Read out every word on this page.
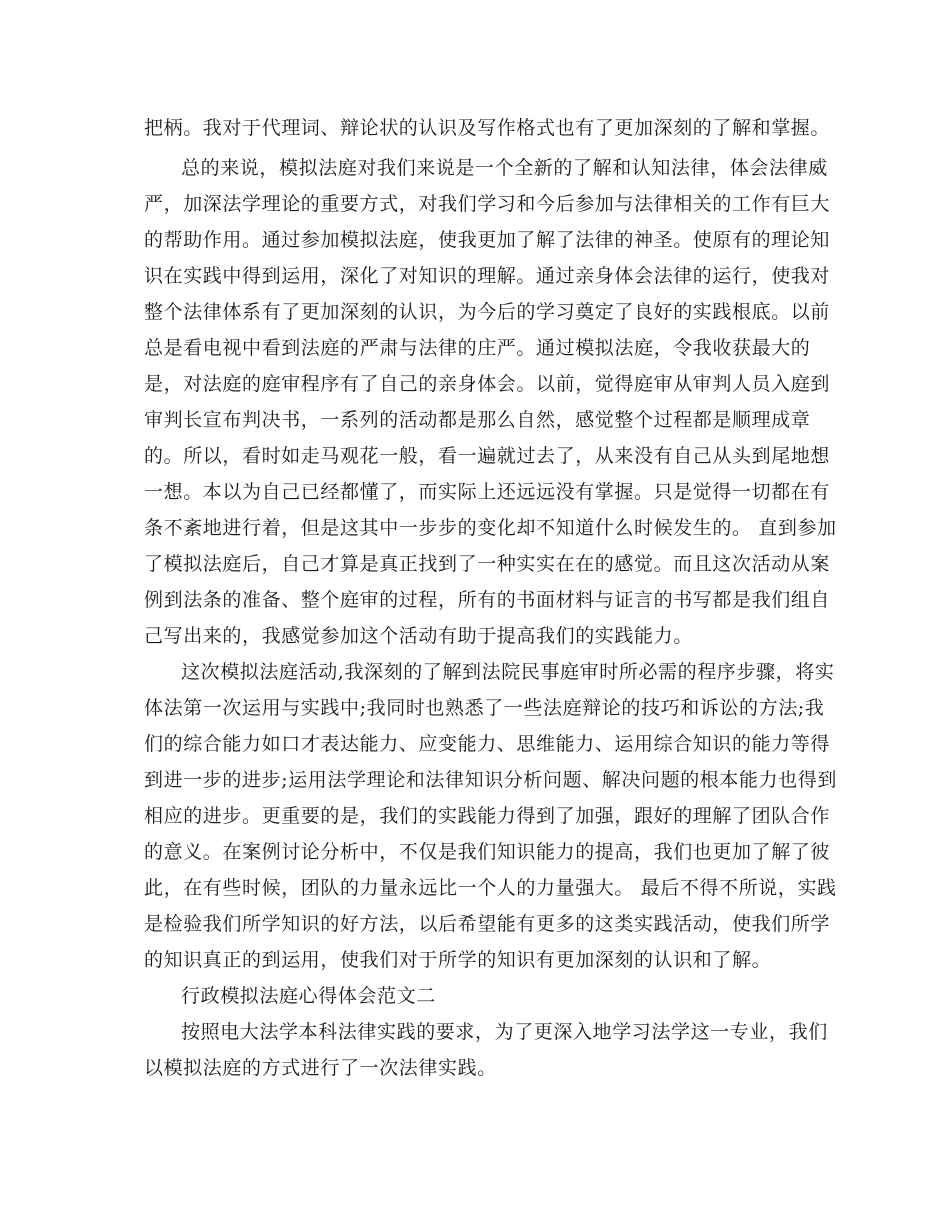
把柄。我对于代理词、辩论状的认识及写作格式也有了更加深刻的了解和掌握。
总的来说，模拟法庭对我们来说是一个全新的了解和认知法律，体会法律威
严，加深法学理论的重要方式，对我们学习和今后参加与法律相关的工作有巨大
的帮助作用。通过参加模拟法庭，使我更加了解了法律的神圣。使原有的理论知
识在实践中得到运用，深化了对知识的理解。通过亲身体会法律的运行，使我对
整个法律体系有了更加深刻的认识，为今后的学习奠定了良好的实践根底。以前
总是看电视中看到法庭的严肃与法律的庄严。通过模拟法庭，令我收获最大的
是，对法庭的庭审程序有了自己的亲身体会。以前，觉得庭审从审判人员入庭到
审判长宣布判决书，一系列的活动都是那么自然，感觉整个过程都是顺理成章
的。所以，看时如走马观花一般，看一遍就过去了，从来没有自己从头到尾地想
一想。本以为自己已经都懂了，而实际上还远远没有掌握。只是觉得一切都在有
条不紊地进行着，但是这其中一步步的变化却不知道什么时候发生的。 直到参加
了模拟法庭后，自己才算是真正找到了一种实实在在的感觉。而且这次活动从案
例到法条的准备、整个庭审的过程，所有的书面材料与证言的书写都是我们组自
己写出来的，我感觉参加这个活动有助于提高我们的实践能力。
这次模拟法庭活动,我深刻的了解到法院民事庭审时所必需的程序步骤，将实
体法第一次运用与实践中;我同时也熟悉了一些法庭辩论的技巧和诉讼的方法;我
们的综合能力如口才表达能力、应变能力、思维能力、运用综合知识的能力等得
到进一步的进步;运用法学理论和法律知识分析问题、解决问题的根本能力也得到
相应的进步。更重要的是，我们的实践能力得到了加强，跟好的理解了团队合作
的意义。在案例讨论分析中，不仅是我们知识能力的提高，我们也更加了解了彼
此，在有些时候，团队的力量永远比一个人的力量强大。 最后不得不所说，实践
是检验我们所学知识的好方法，以后希望能有更多的这类实践活动，使我们所学
的知识真正的到运用，使我们对于所学的知识有更加深刻的认识和了解。
行政模拟法庭心得体会范文二
按照电大法学本科法律实践的要求，为了更深入地学习法学这一专业，我们
以模拟法庭的方式进行了一次法律实践。
